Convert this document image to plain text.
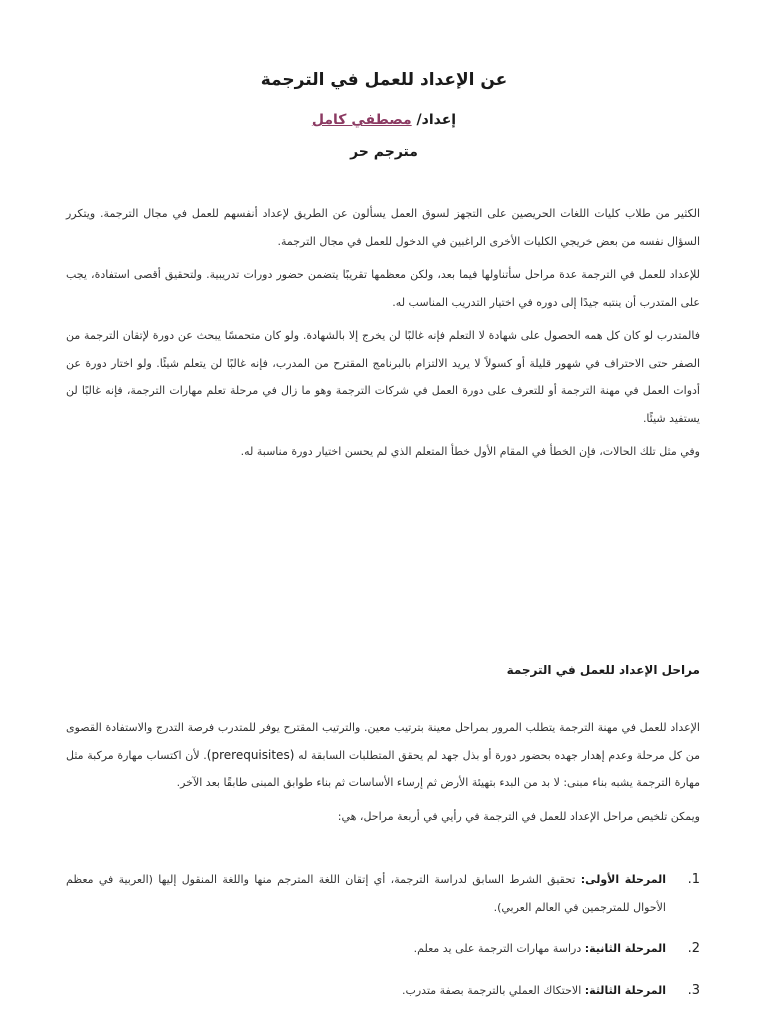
عن الإعداد للعمل في الترجمة
إعداد/ مصطفي كامل
مترجم حر

الكثير من طلاب كليات اللغات الحريصين على التجهز لسوق العمل يسألون عن الطريق لإعداد أنفسهم للعمل في مجال الترجمة. ويتكرر السؤال نفسه من بعض خريجي الكليات الأخرى الراغبين في الدخول للعمل في مجال الترجمة.

للإعداد للعمل في الترجمة عدة مراحل سأتناولها فيما بعد، ولكن معظمها تقريبًا يتضمن حضور دورات تدريبية. ولتحقيق أقصى استفادة، يجب على المتدرب أن ينتبه جيدًا إلى دوره في اختيار التدريب المناسب له.

فالمتدرب لو كان كل همه الحصول على شهادة لا التعلم فإنه غالبًا لن يخرج إلا بالشهادة. ولو كان متحمسًا يبحث عن دورة لإتقان الترجمة من الصفر حتى الاحتراف في شهور قليلة أو كسولاً لا يريد الالتزام بالبرنامج المقترح من المدرب، فإنه غالبًا لن يتعلم شيئًا. ولو اختار دورة عن أدوات العمل في مهنة الترجمة أو للتعرف على دورة العمل في شركات الترجمة وهو ما زال في مرحلة تعلم مهارات الترجمة، فإنه غالبًا لن يستفيد شيئًا.

وفي مثل تلك الحالات، فإن الخطأ في المقام الأول خطأ المتعلم الذي لم يحسن اختيار دورة مناسبة له.

مراحل الإعداد للعمل في الترجمة

الإعداد للعمل في مهنة الترجمة يتطلب المرور بمراحل معينة بترتيب معين. والترتيب المقترح يوفر للمتدرب فرصة التدرج والاستفادة القصوى من كل مرحلة وعدم إهدار جهده بحضور دورة أو بذل جهد لم يحقق المتطلبات السابقة له (prerequisites). لأن اكتساب مهارة مركبة مثل مهارة الترجمة يشبه بناء مبنى: لا بد من البدء بتهيئة الأرض ثم إرساء الأساسات ثم بناء طوابق المبنى طابقًا بعد الآخر.

ويمكن تلخيص مراحل الإعداد للعمل في الترجمة في رأيي في أربعة مراحل، هي:

1.
المرحلة الأولى: تحقيق الشرط السابق لدراسة الترجمة، أي إتقان اللغة المترجم منها واللغة المنقول إليها (العربية في معظم الأحوال للمترجمين في العالم العربي).
2.
المرحلة الثانية: دراسة مهارات الترجمة على يد معلم.
3.
المرحلة الثالثة: الاحتكاك العملي بالترجمة بصفة متدرب.
